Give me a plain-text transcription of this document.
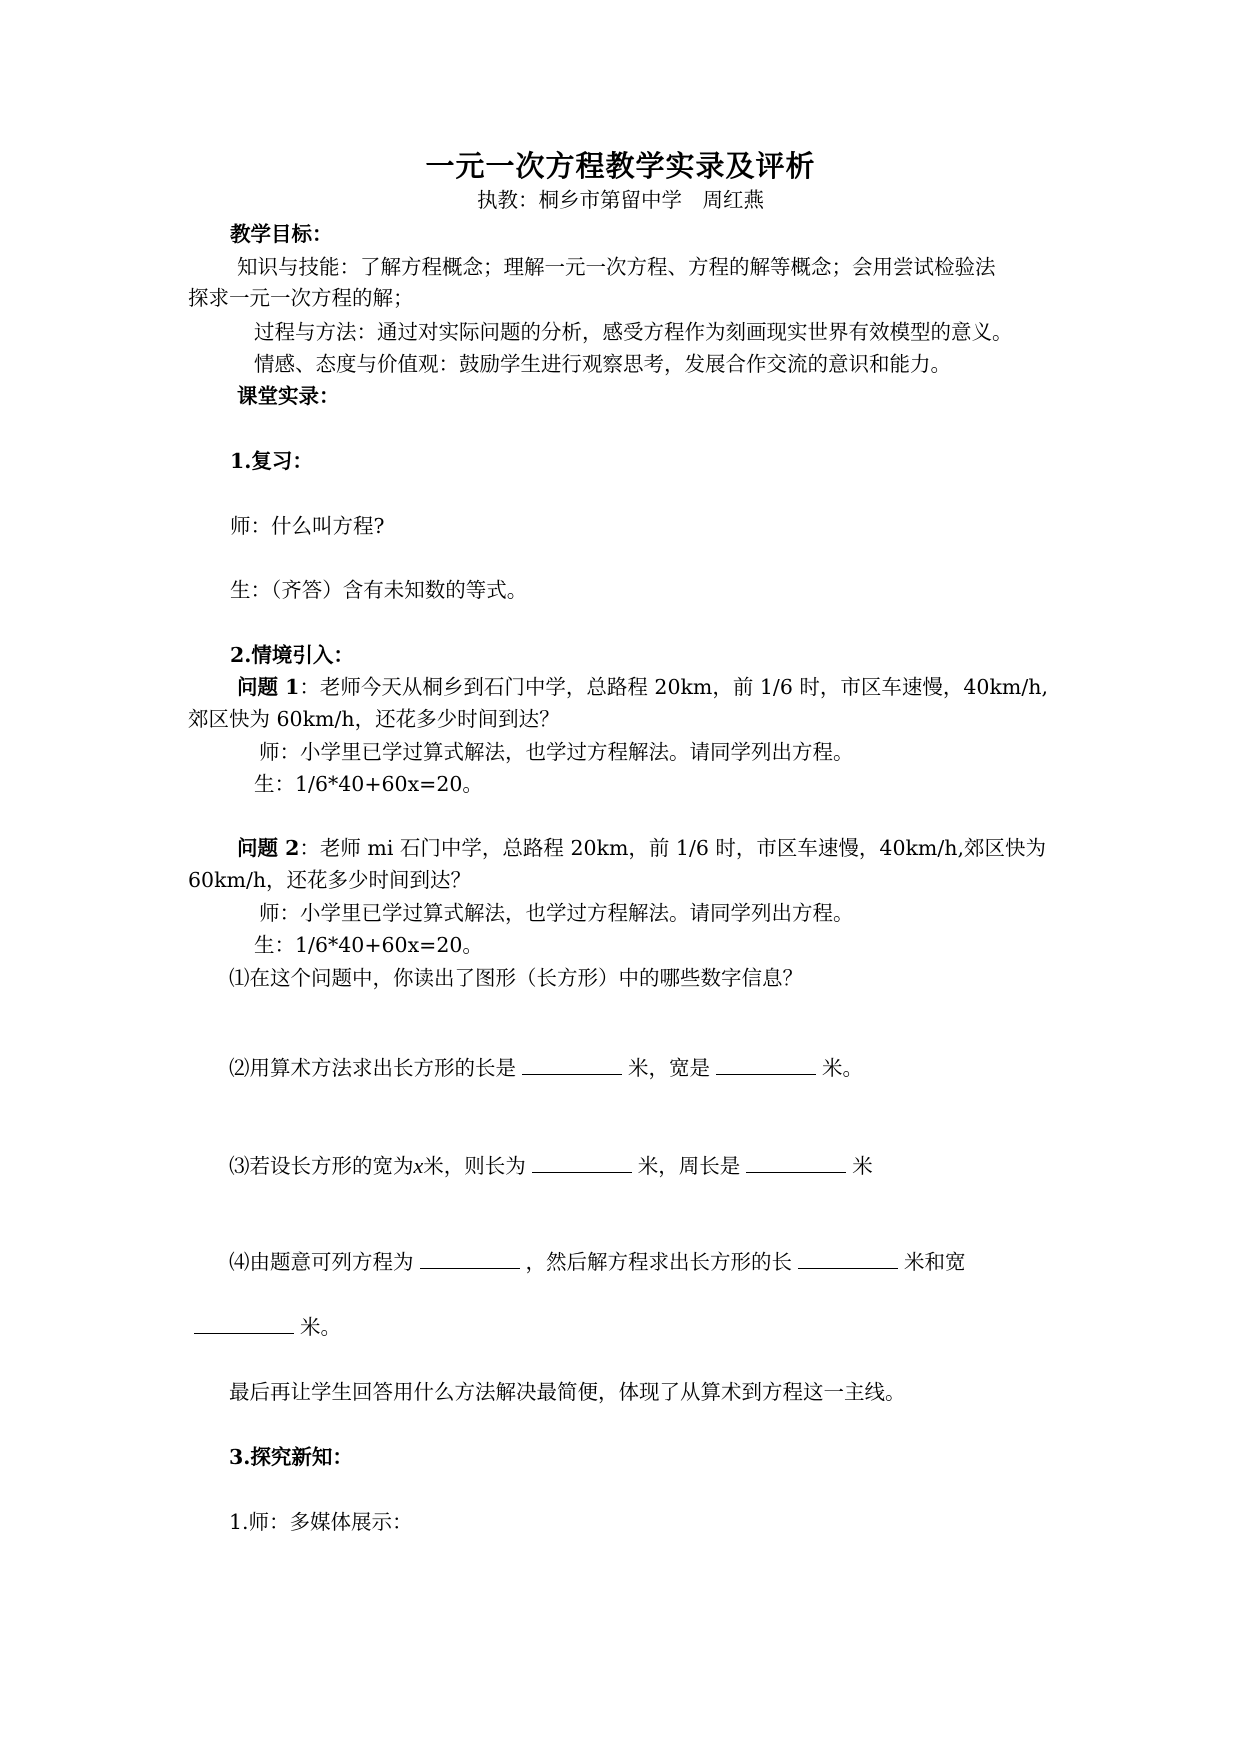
一元一次方程教学实录及评析
执教：桐乡市第留中学　周红燕
教学目标：
知识与技能：了解方程概念；理解一元一次方程、方程的解等概念；会用尝试检验法
探求一元一次方程的解；
过程与方法：通过对实际问题的分析，感受方程作为刻画现实世界有效模型的意义。
情感、态度与价值观：鼓励学生进行观察思考，发展合作交流的意识和能力。
课堂实录：
1.复习：
师：什么叫方程?
生：（齐答）含有未知数的等式。
2.情境引入：
问题 1：老师今天从桐乡到石门中学，总路程 20km，前 1/6 时，市区车速慢，40km/h,
郊区快为 60km/h，还花多少时间到达？
师：小学里已学过算式解法，也学过方程解法。请同学列出方程。
生：1/6*40+60x=20。
问题 2：老师 mi 石门中学，总路程 20km，前 1/6 时，市区车速慢，40km/h,郊区快为
60km/h，还花多少时间到达？
师：小学里已学过算式解法，也学过方程解法。请同学列出方程。
生：1/6*40+60x=20。
⑴在这个问题中，你读出了图形（长方形）中的哪些数字信息？
⑵用算术方法求出长方形的长是	米，宽是	米。
⑶若设长方形的宽为x米，则长为	米，周长是	米
⑷由题意可列方程为	，然后解方程求出长方形的长	米和宽
米。
最后再让学生回答用什么方法解决最简便，体现了从算术到方程这一主线。
3.探究新知：
1.师：多媒体展示：
